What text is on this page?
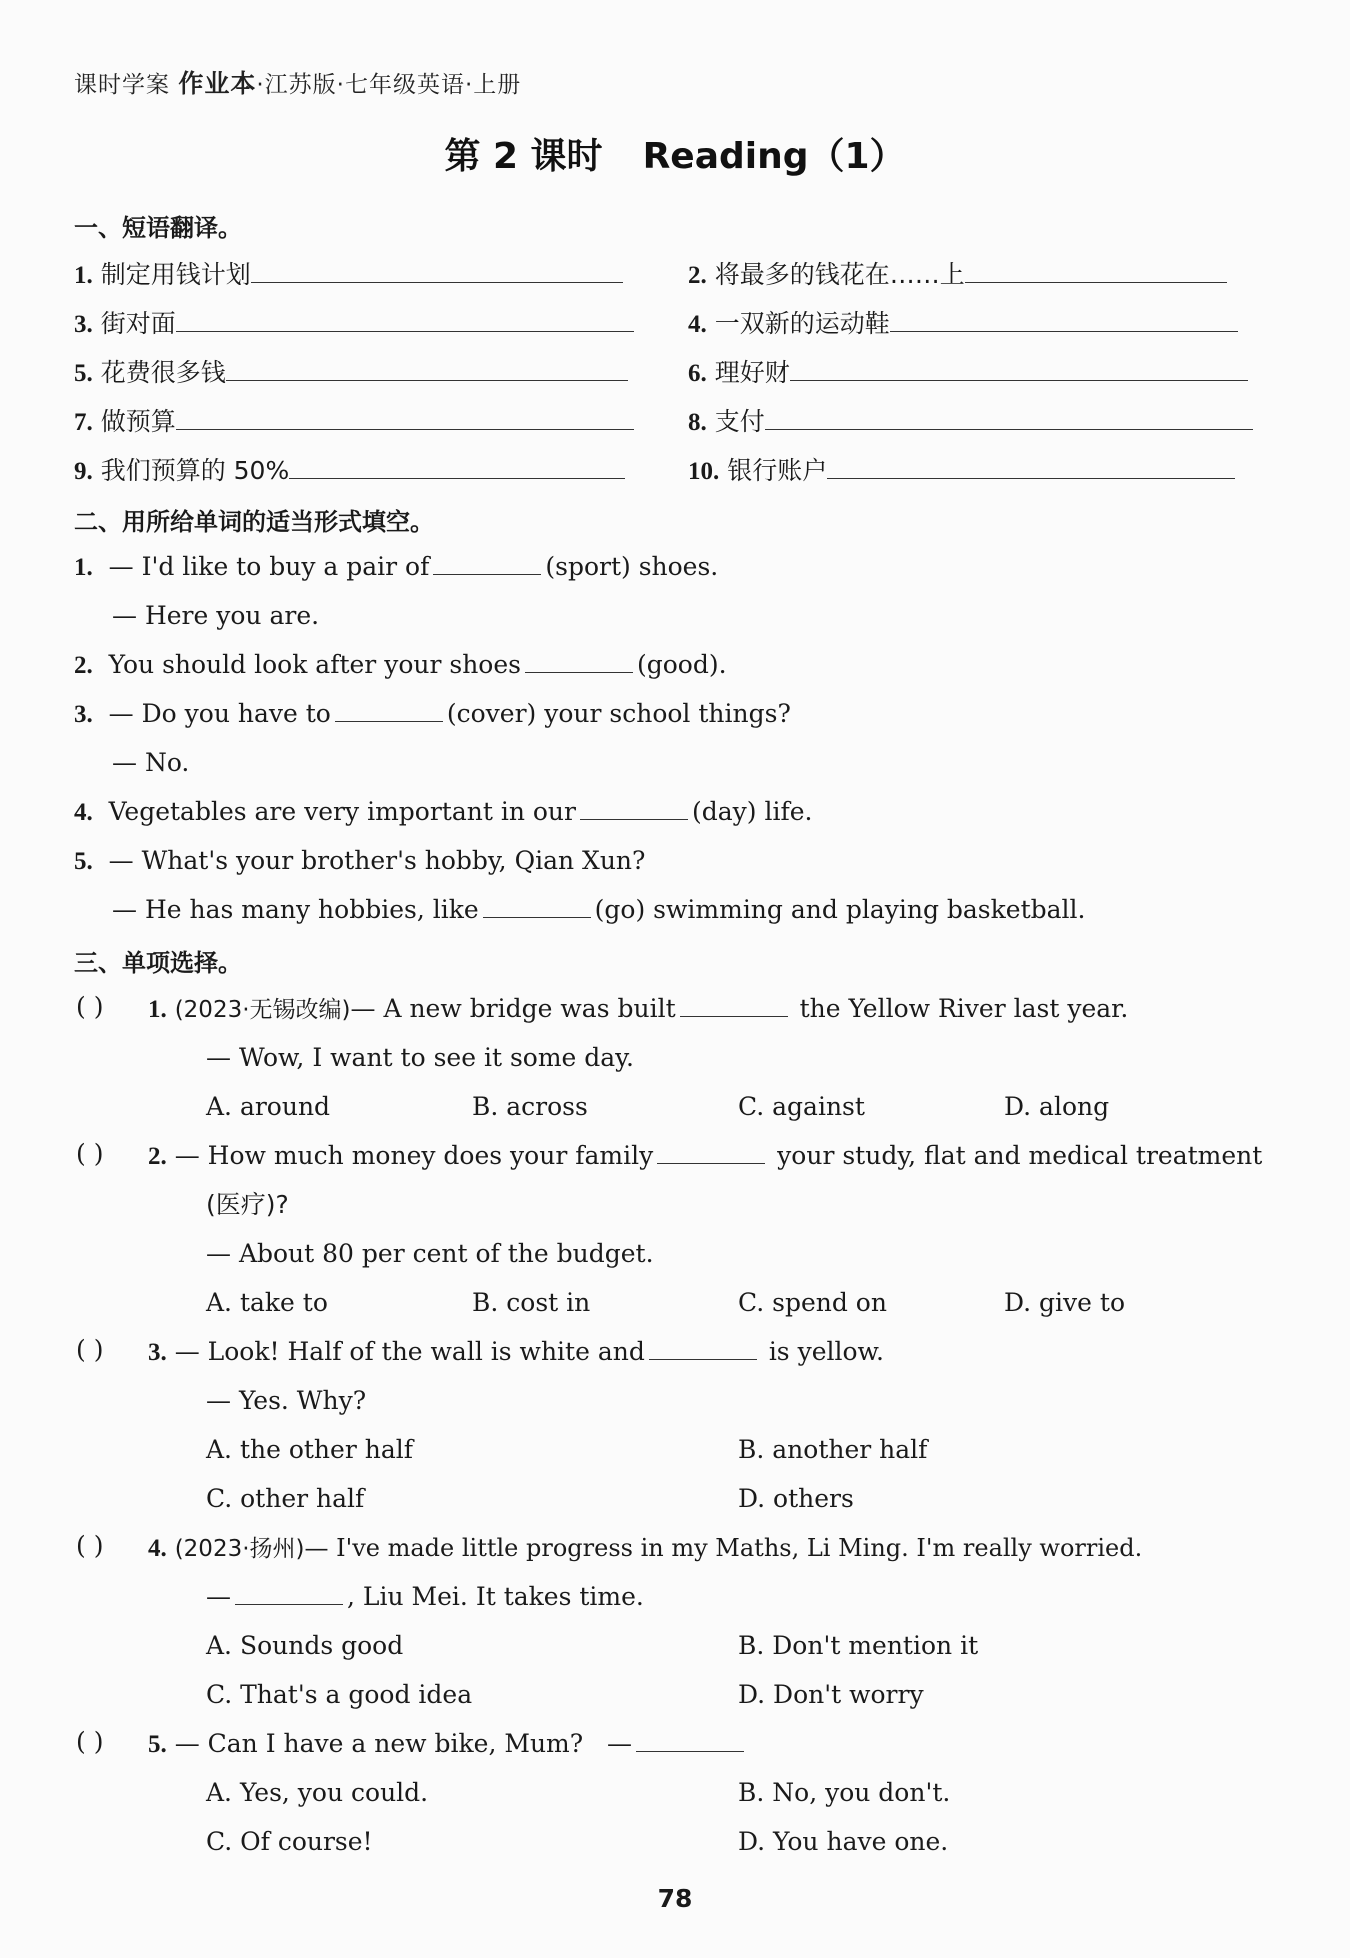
课时学案 作业本·江苏版·七年级英语·上册
第 2 课时 Reading（1）
一、短语翻译。
1. 制定用钱计划	2. 将最多的钱花在……上
3. 街对面	4. 一双新的运动鞋
5. 花费很多钱	6. 理好财
7. 做预算	8. 支付
9. 我们预算的 50%	10. 银行账户
二、用所给单词的适当形式填空。
1. — I'd like to buy a pair of	(sport) shoes.
— Here you are.
2. You should look after your shoes	(good).
3. — Do you have to	(cover) your school things?
— No.
4. Vegetables are very important in our	(day) life.
5. — What's your brother's hobby, Qian Xun?
— He has many hobbies, like	(go) swimming and playing basketball.
三、单项选择。
( ) 1. (2023·无锡改编)— A new bridge was built	the Yellow River last year.
— Wow, I want to see it some day.
A. around	B. across	C. against	D. along
( ) 2. — How much money does your family	your study, flat and medical treatment
(医疗)?
— About 80 per cent of the budget.
A. take to	B. cost in	C. spend on	D. give to
( ) 3. — Look! Half of the wall is white and	is yellow.
— Yes. Why?
A. the other half	B. another half
C. other half	D. others
( ) 4. (2023·扬州)— I've made little progress in my Maths, Li Ming. I'm really worried.
—	, Liu Mei. It takes time.
A. Sounds good	B. Don't mention it
C. That's a good idea	D. Don't worry
( ) 5. — Can I have a new bike, Mum? —
A. Yes, you could.	B. No, you don't.
C. Of course!	D. You have one.
78
